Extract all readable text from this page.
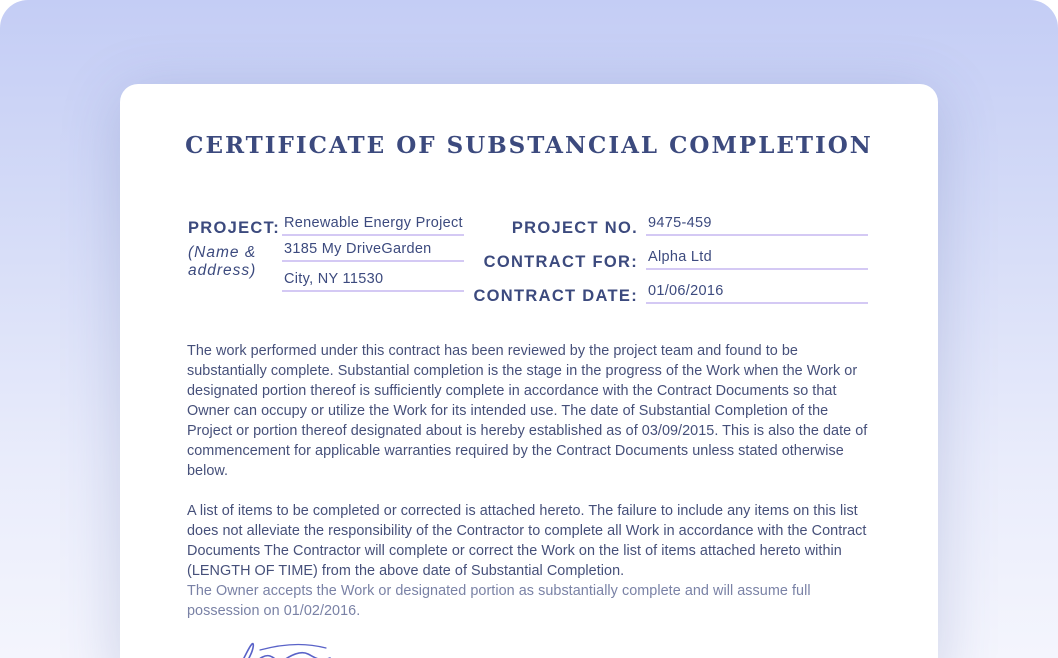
CERTIFICATE OF SUBSTANCIAL COMPLETION
PROJECT:
(Name &
address)
Renewable Energy Project
3185 My DriveGarden
City, NY 11530
PROJECT NO. 9475-459
CONTRACT FOR: Alpha Ltd
CONTRACT DATE: 01/06/2016
The work performed under this contract has been reviewed by the project team and found to be substantially complete. Substantial completion is the stage in the progress of the Work when the Work or designated portion thereof is sufficiently complete in accordance with the Contract Documents so that Owner can occupy or utilize the Work for its intended use. The date of Substantial Completion of the Project or portion thereof designated about is hereby established as of 03/09/2015. This is also the date of commencement for applicable warranties required by the Contract Documents unless stated otherwise below.
A list of items to be completed or corrected is attached hereto. The failure to include any items on this list does not alleviate the responsibility of the Contractor to complete all Work in accordance with the Contract Documents The Contractor will complete or correct the Work on the list of items attached hereto within (LENGTH OF TIME) from the above date of Substantial Completion.
The Owner accepts the Work or designated portion as substantially complete and will assume full possession on 01/02/2016.
